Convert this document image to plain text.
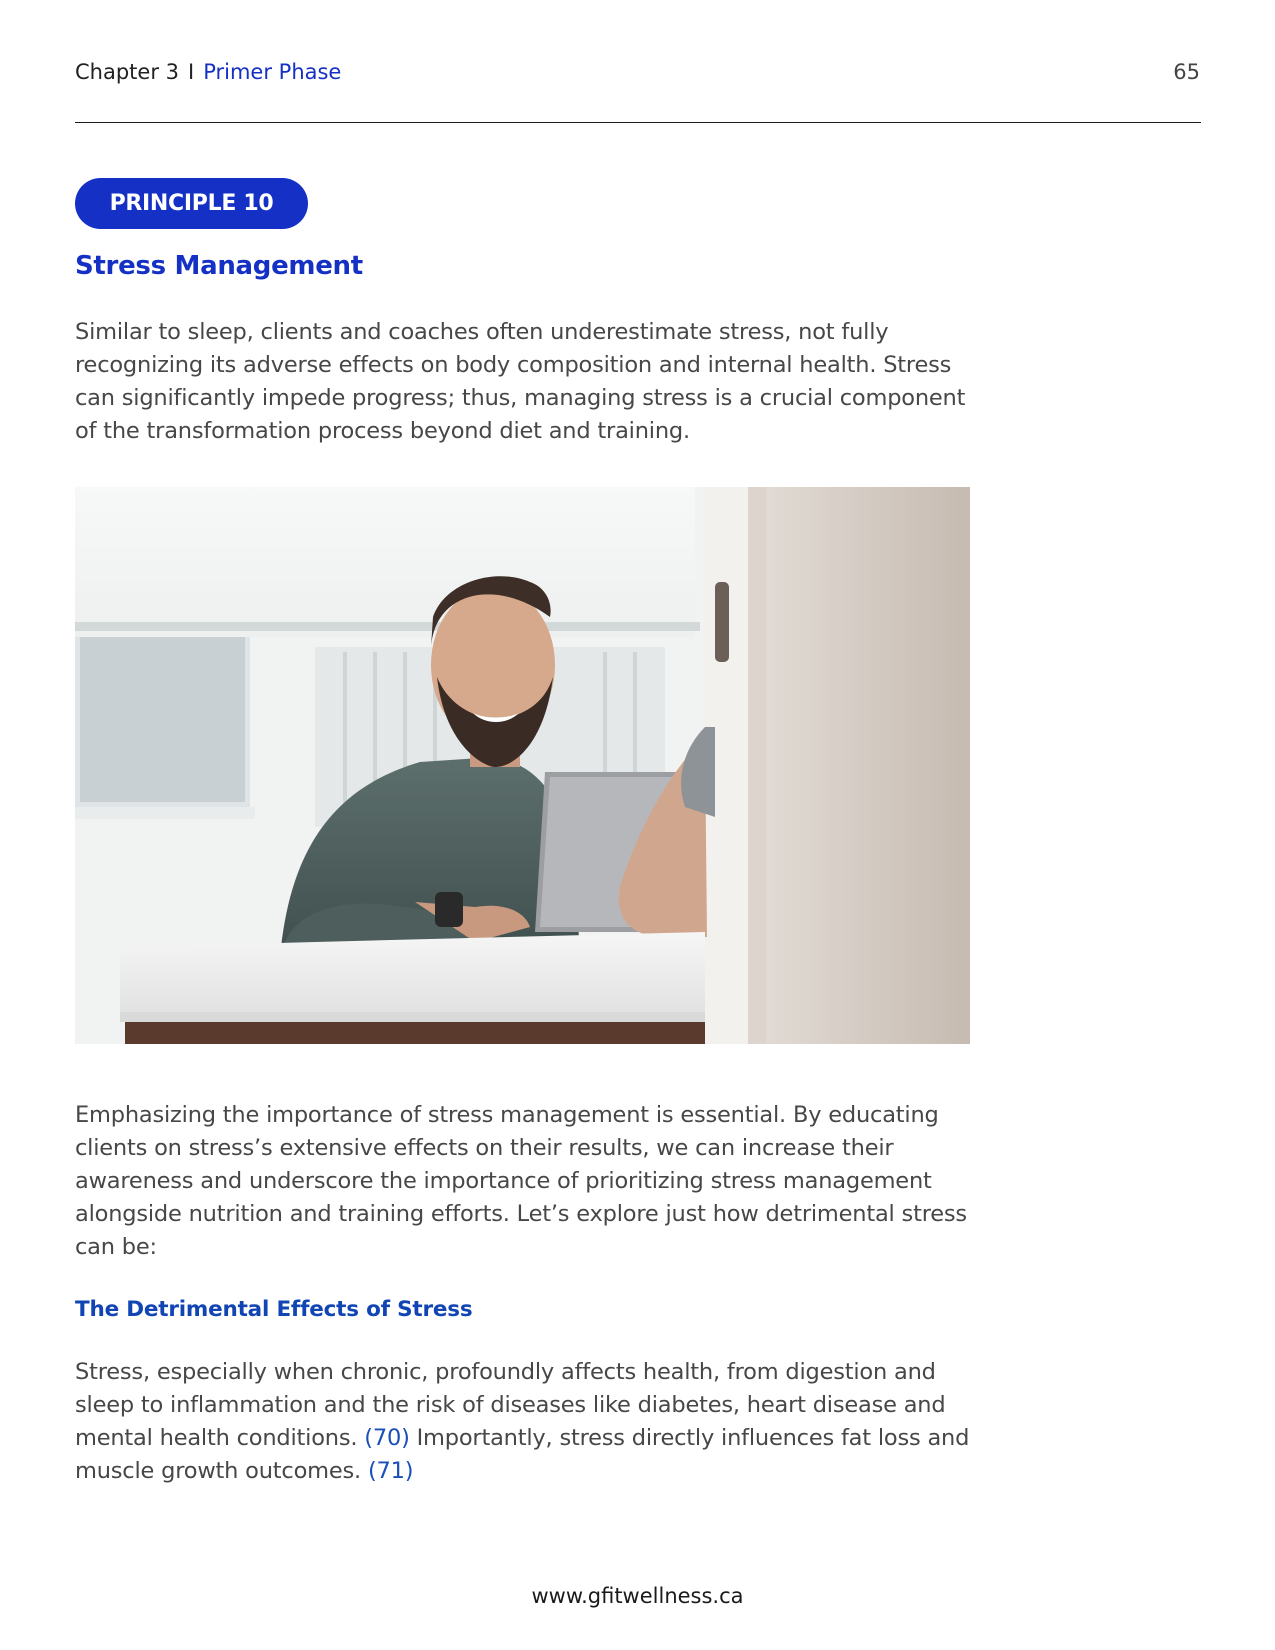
Chapter 3 I Primer Phase	65
PRINCIPLE 10
Stress Management

Similar to sleep, clients and coaches often underestimate stress, not fully recognizing its adverse effects on body composition and internal health. Stress can significantly impede progress; thus, managing stress is a crucial component of the transformation process beyond diet and training.

Emphasizing the importance of stress management is essential. By educating clients on stress’s extensive effects on their results, we can increase their awareness and underscore the importance of prioritizing stress management alongside nutrition and training efforts. Let’s explore just how detrimental stress can be:

The Detrimental Effects of Stress

Stress, especially when chronic, profoundly affects health, from digestion and sleep to inflammation and the risk of diseases like diabetes, heart disease and mental health conditions. (70) Importantly, stress directly influences fat loss and muscle growth outcomes. (71)

www.gfitwellness.ca
